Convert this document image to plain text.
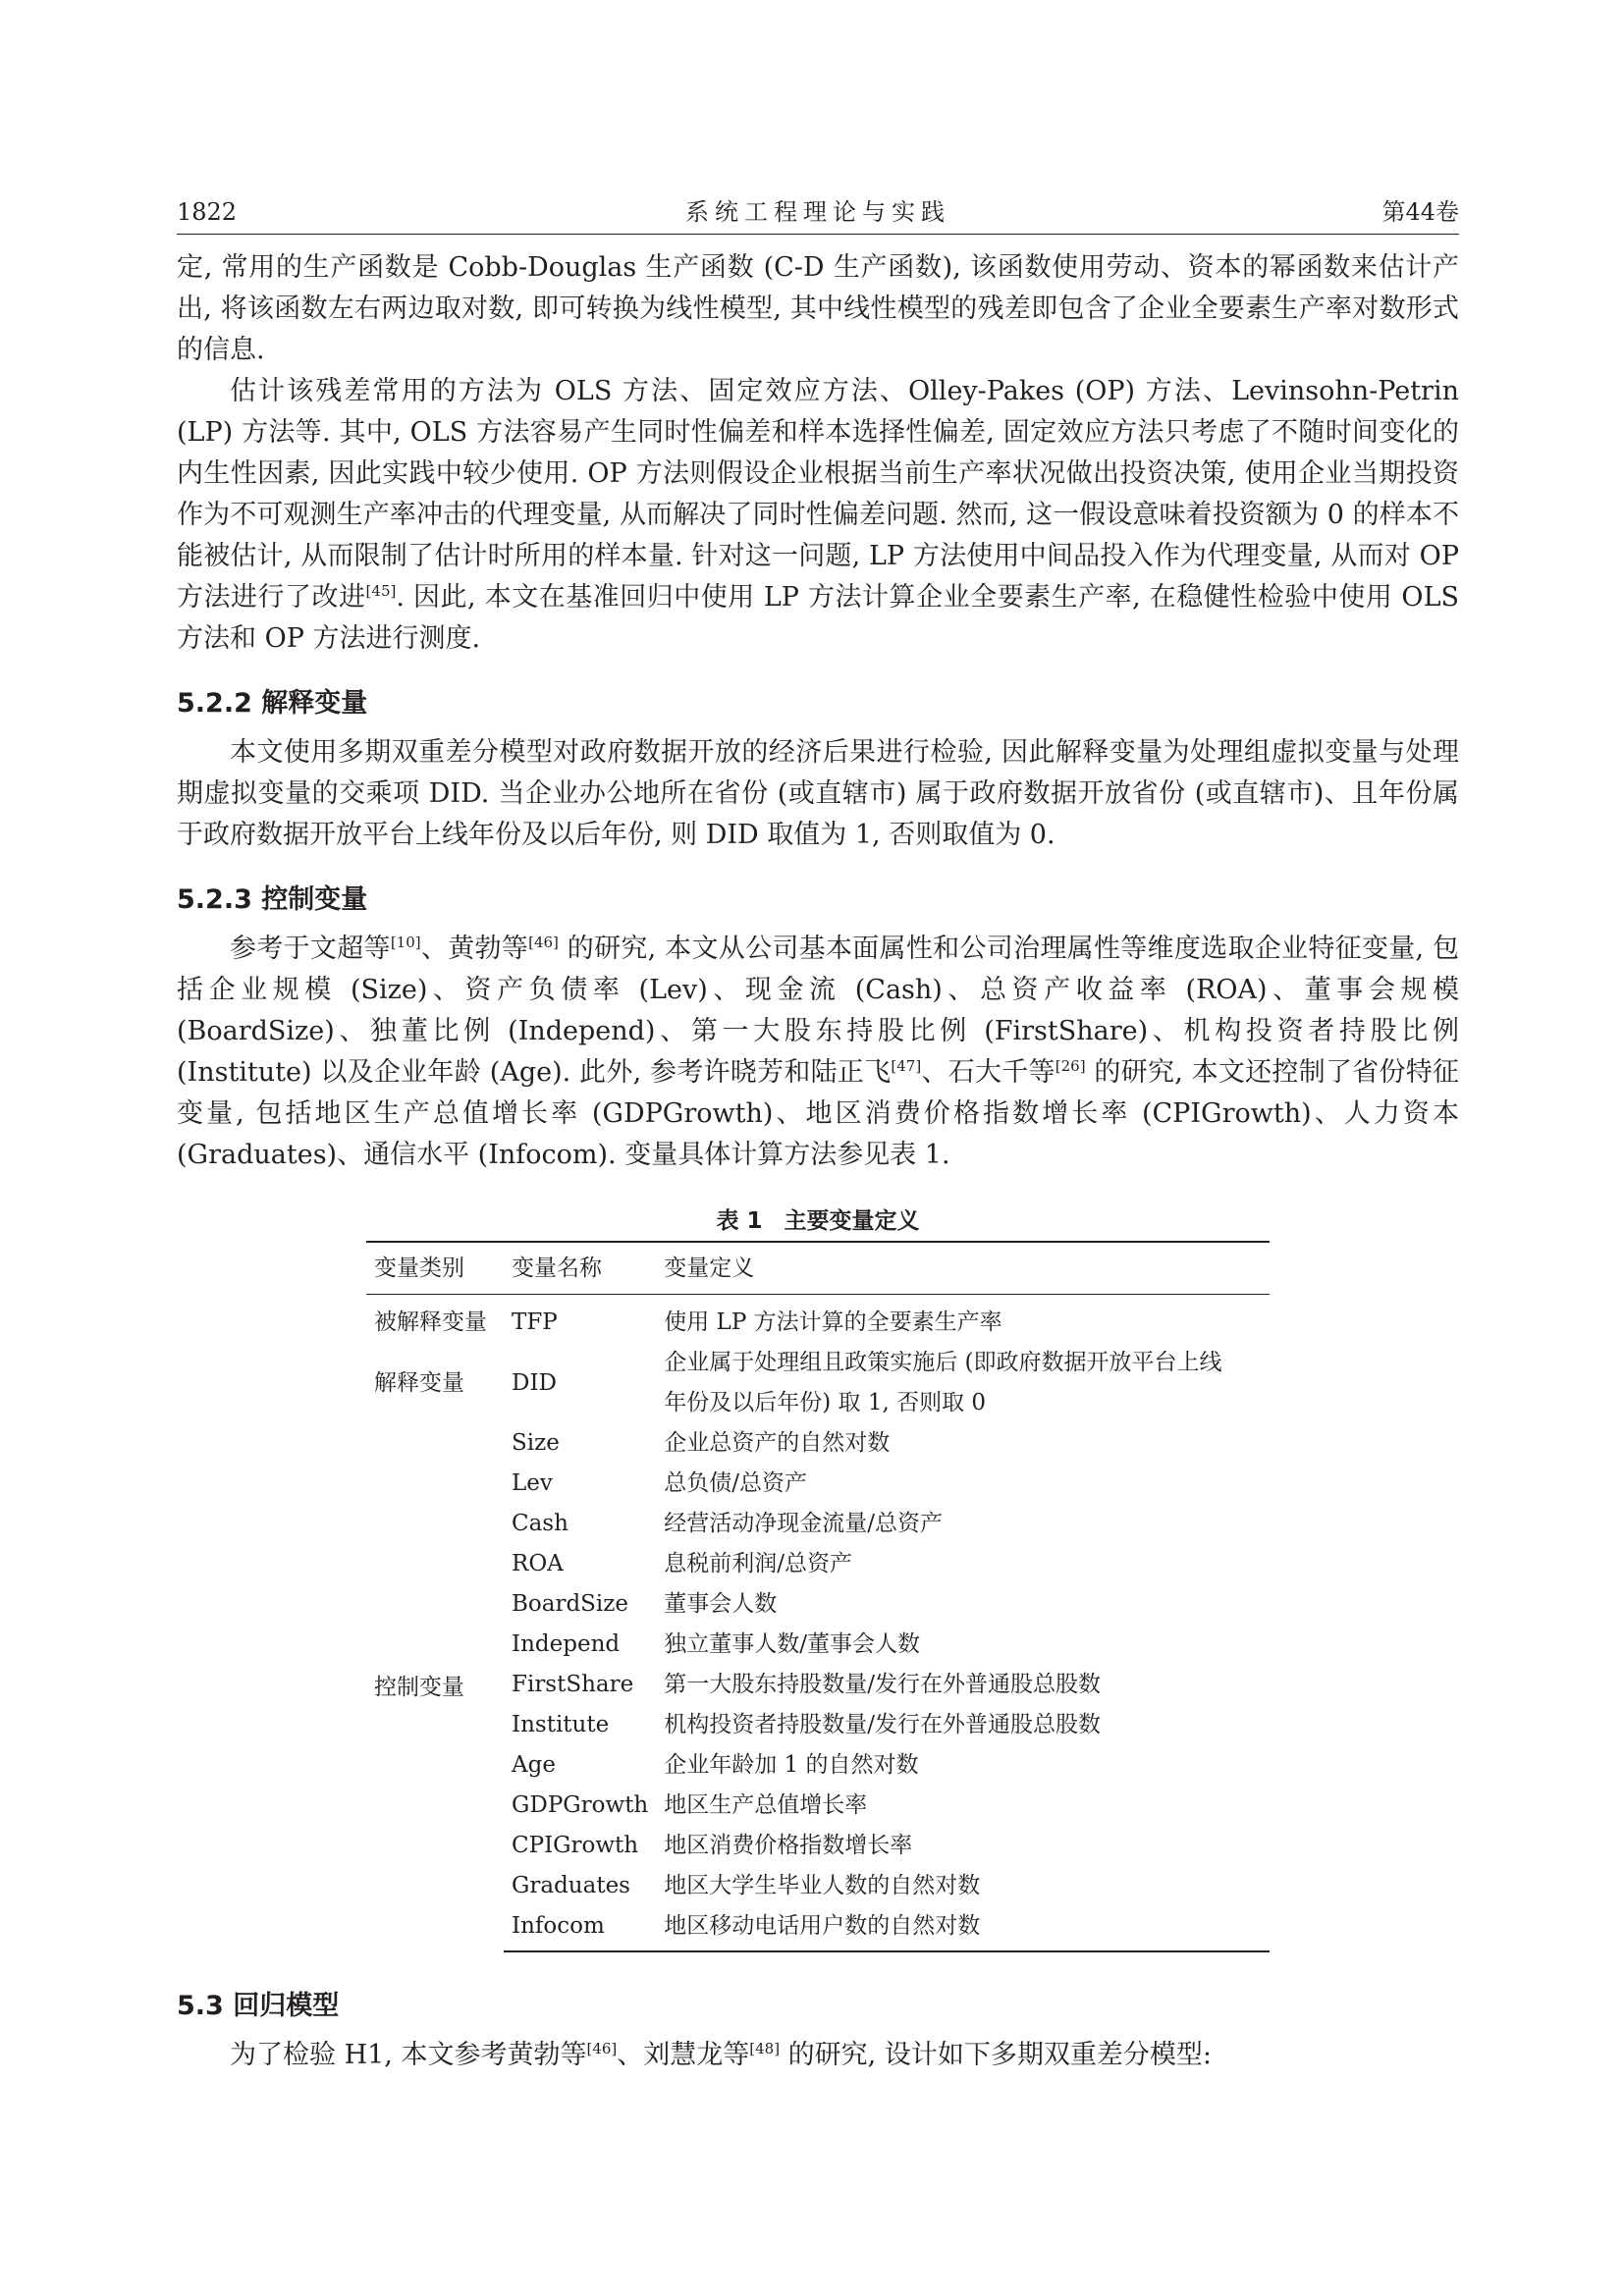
1822	系统工程理论与实践	第44卷

定, 常用的生产函数是 Cobb-Douglas 生产函数 (C-D 生产函数), 该函数使用劳动、资本的幂函数来估计产出, 将该函数左右两边取对数, 即可转换为线性模型, 其中线性模型的残差即包含了企业全要素生产率对数形式的信息.

估计该残差常用的方法为 OLS 方法、固定效应方法、Olley-Pakes (OP) 方法、Levinsohn-Petrin (LP) 方法等. 其中, OLS 方法容易产生同时性偏差和样本选择性偏差, 固定效应方法只考虑了不随时间变化的内生性因素, 因此实践中较少使用. OP 方法则假设企业根据当前生产率状况做出投资决策, 使用企业当期投资作为不可观测生产率冲击的代理变量, 从而解决了同时性偏差问题. 然而, 这一假设意味着投资额为 0 的样本不能被估计, 从而限制了估计时所用的样本量. 针对这一问题, LP 方法使用中间品投入作为代理变量, 从而对 OP 方法进行了改进[45]. 因此, 本文在基准回归中使用 LP 方法计算企业全要素生产率, 在稳健性检验中使用 OLS 方法和 OP 方法进行测度.

5.2.2 解释变量

本文使用多期双重差分模型对政府数据开放的经济后果进行检验, 因此解释变量为处理组虚拟变量与处理期虚拟变量的交乘项 DID. 当企业办公地所在省份 (或直辖市) 属于政府数据开放省份 (或直辖市)、且年份属于政府数据开放平台上线年份及以后年份, 则 DID 取值为 1, 否则取值为 0.

5.2.3 控制变量

参考于文超等[10]、黄勃等[46] 的研究, 本文从公司基本面属性和公司治理属性等维度选取企业特征变量, 包括企业规模 (Size)、资产负债率 (Lev)、现金流 (Cash)、总资产收益率 (ROA)、董事会规模 (BoardSize)、独董比例 (Independ)、第一大股东持股比例 (FirstShare)、机构投资者持股比例 (Institute) 以及企业年龄 (Age). 此外, 参考许晓芳和陆正飞[47]、石大千等[26] 的研究, 本文还控制了省份特征变量, 包括地区生产总值增长率 (GDPGrowth)、地区消费价格指数增长率 (CPIGrowth)、人力资本 (Graduates)、通信水平 (Infocom). 变量具体计算方法参见表 1.

表 1 主要变量定义
变量类别	变量名称	变量定义
被解释变量	TFP	使用 LP 方法计算的全要素生产率
解释变量	DID	企业属于处理组且政策实施后 (即政府数据开放平台上线
年份及以后年份) 取 1, 否则取 0

控制变量	Size	企业总资产的自然对数
	Lev	总负债/总资产
	Cash	经营活动净现金流量/总资产
	ROA	息税前利润/总资产
	BoardSize	董事会人数
	Independ	独立董事人数/董事会人数
	FirstShare	第一大股东持股数量/发行在外普通股总股数
	Institute	机构投资者持股数量/发行在外普通股总股数
	Age	企业年龄加 1 的自然对数
	GDPGrowth	地区生产总值增长率
	CPIGrowth	地区消费价格指数增长率
	Graduates	地区大学生毕业人数的自然对数
	Infocom	地区移动电话用户数的自然对数
5.3 回归模型

为了检验 H1, 本文参考黄勃等[46]、刘慧龙等[48] 的研究, 设计如下多期双重差分模型:
